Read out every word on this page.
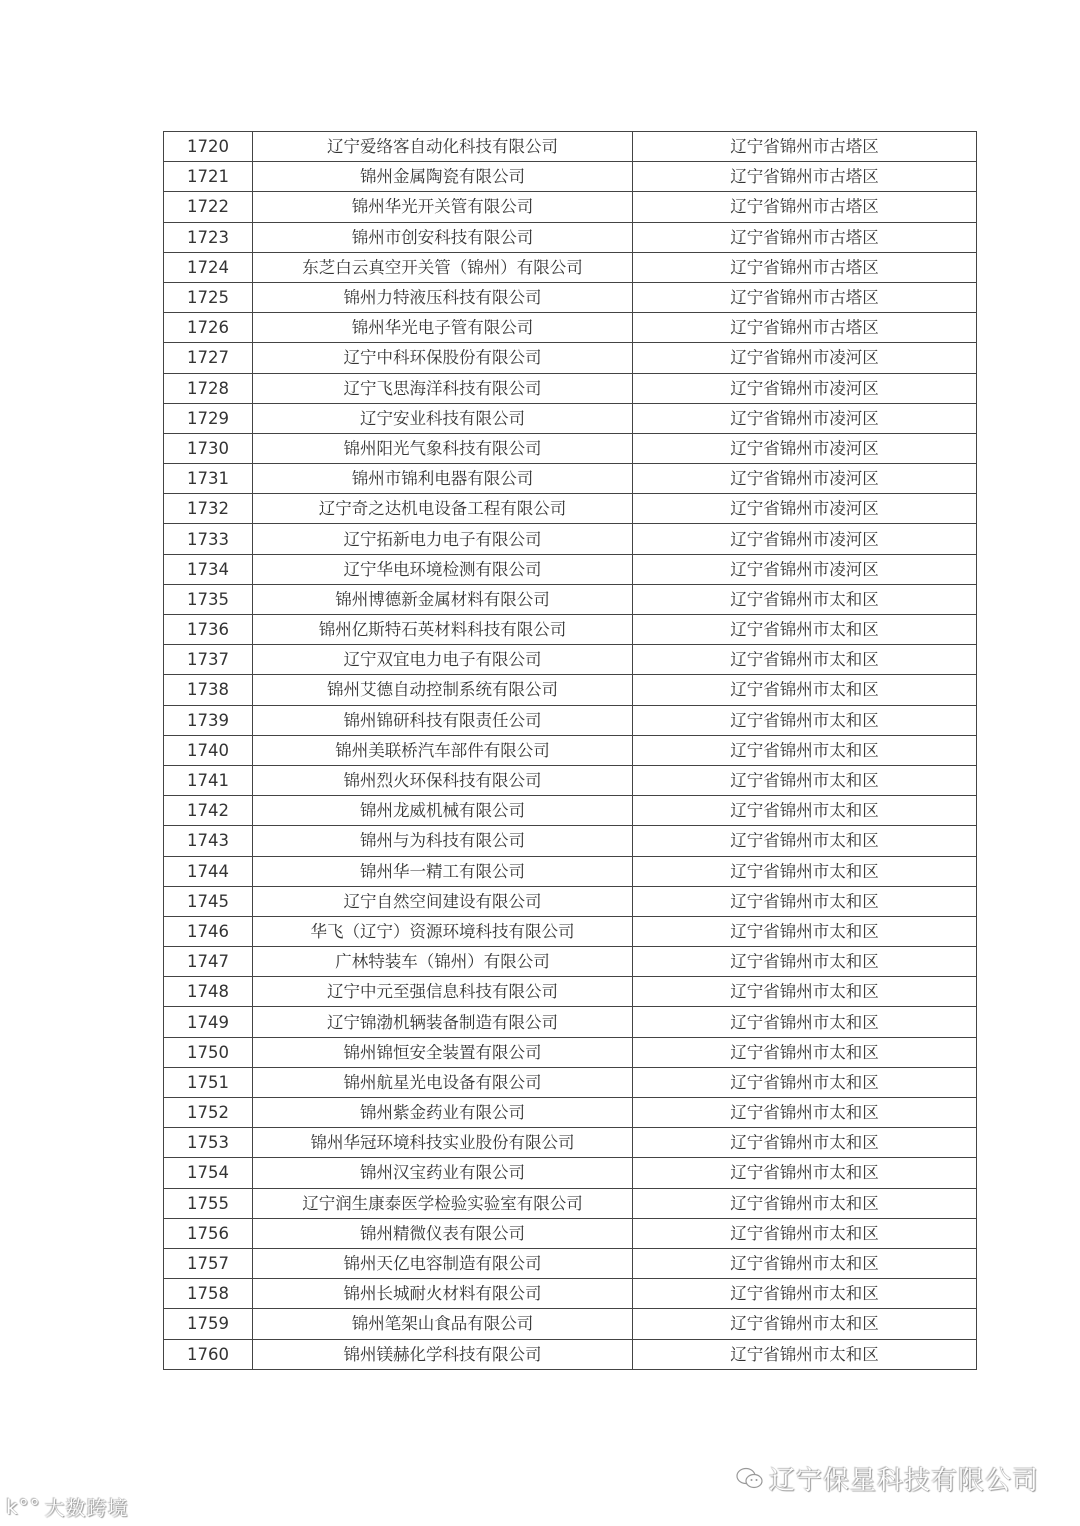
1720	辽宁爱络客自动化科技有限公司	辽宁省锦州市古塔区
1721	锦州金属陶瓷有限公司	辽宁省锦州市古塔区
1722	锦州华光开关管有限公司	辽宁省锦州市古塔区
1723	锦州市创安科技有限公司	辽宁省锦州市古塔区
1724	东芝白云真空开关管（锦州）有限公司	辽宁省锦州市古塔区
1725	锦州力特液压科技有限公司	辽宁省锦州市古塔区
1726	锦州华光电子管有限公司	辽宁省锦州市古塔区
1727	辽宁中科环保股份有限公司	辽宁省锦州市凌河区
1728	辽宁飞思海洋科技有限公司	辽宁省锦州市凌河区
1729	辽宁安业科技有限公司	辽宁省锦州市凌河区
1730	锦州阳光气象科技有限公司	辽宁省锦州市凌河区
1731	锦州市锦利电器有限公司	辽宁省锦州市凌河区
1732	辽宁奇之达机电设备工程有限公司	辽宁省锦州市凌河区
1733	辽宁拓新电力电子有限公司	辽宁省锦州市凌河区
1734	辽宁华电环境检测有限公司	辽宁省锦州市凌河区
1735	锦州博德新金属材料有限公司	辽宁省锦州市太和区
1736	锦州亿斯特石英材料科技有限公司	辽宁省锦州市太和区
1737	辽宁双宜电力电子有限公司	辽宁省锦州市太和区
1738	锦州艾德自动控制系统有限公司	辽宁省锦州市太和区
1739	锦州锦研科技有限责任公司	辽宁省锦州市太和区
1740	锦州美联桥汽车部件有限公司	辽宁省锦州市太和区
1741	锦州烈火环保科技有限公司	辽宁省锦州市太和区
1742	锦州龙威机械有限公司	辽宁省锦州市太和区
1743	锦州与为科技有限公司	辽宁省锦州市太和区
1744	锦州华一精工有限公司	辽宁省锦州市太和区
1745	辽宁自然空间建设有限公司	辽宁省锦州市太和区
1746	华飞（辽宁）资源环境科技有限公司	辽宁省锦州市太和区
1747	广林特装车（锦州）有限公司	辽宁省锦州市太和区
1748	辽宁中元至强信息科技有限公司	辽宁省锦州市太和区
1749	辽宁锦渤机辆装备制造有限公司	辽宁省锦州市太和区
1750	锦州锦恒安全装置有限公司	辽宁省锦州市太和区
1751	锦州航星光电设备有限公司	辽宁省锦州市太和区
1752	锦州紫金药业有限公司	辽宁省锦州市太和区
1753	锦州华冠环境科技实业股份有限公司	辽宁省锦州市太和区
1754	锦州汉宝药业有限公司	辽宁省锦州市太和区
1755	辽宁润生康泰医学检验实验室有限公司	辽宁省锦州市太和区
1756	锦州精微仪表有限公司	辽宁省锦州市太和区
1757	锦州天亿电容制造有限公司	辽宁省锦州市太和区
1758	锦州长城耐火材料有限公司	辽宁省锦州市太和区
1759	锦州笔架山食品有限公司	辽宁省锦州市太和区
1760	锦州镁赫化学科技有限公司	辽宁省锦州市太和区
辽宁保星科技有限公司
k°° 大数跨境
